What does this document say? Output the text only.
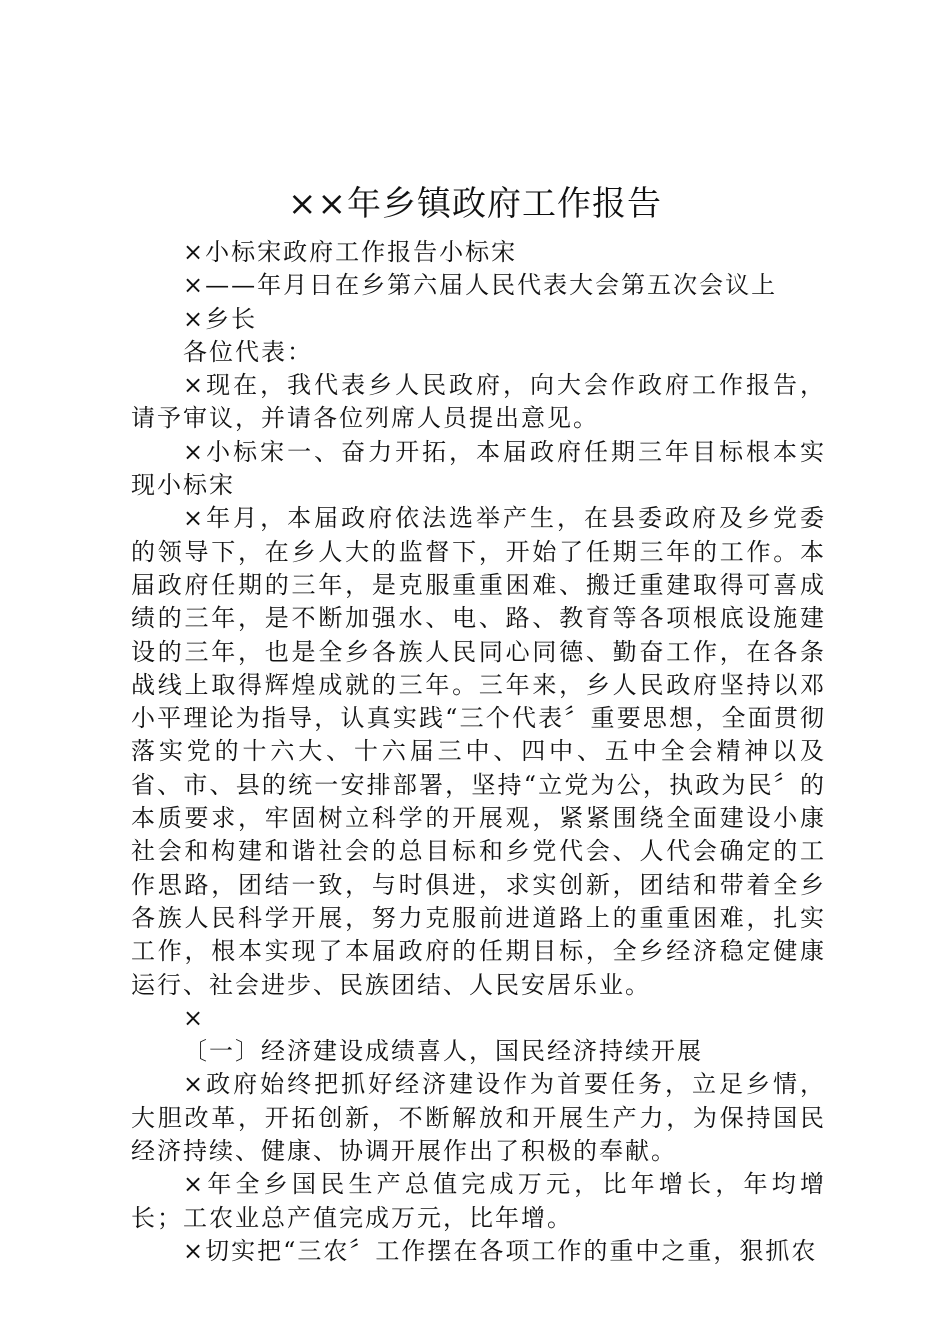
××年乡镇政府工作报告

×小标宋政府工作报告小标宋

×——年月日在乡第六届人民代表大会第五次会议上

×乡长

各位代表：

×现在，我代表乡人民政府，向大会作政府工作报告，请予审议，并请各位列席人员提出意见。

×小标宋一、奋力开拓，本届政府任期三年目标根本实现小标宋

×年月，本届政府依法选举产生，在县委政府及乡党委的领导下，在乡人大的监督下，开始了任期三年的工作。本届政府任期的三年，是克服重重困难、搬迁重建取得可喜成绩的三年，是不断加强水、电、路、教育等各项根底设施建设的三年，也是全乡各族人民同心同德、勤奋工作，在各条战线上取得辉煌成就的三年。三年来，乡人民政府坚持以邓小平理论为指导，认真实践“三个代表〞重要思想，全面贯彻落实党的十六大、十六届三中、四中、五中全会精神以及省、市、县的统一安排部署，坚持“立党为公，执政为民〞的本质要求，牢固树立科学的开展观，紧紧围绕全面建设小康社会和构建和谐社会的总目标和乡党代会、人代会确定的工作思路，团结一致，与时俱进，求实创新，团结和带着全乡各族人民科学开展，努力克服前进道路上的重重困难，扎实工作，根本实现了本届政府的任期目标，全乡经济稳定健康运行、社会进步、民族团结、人民安居乐业。

×

〔一〕经济建设成绩喜人，国民经济持续开展

×政府始终把抓好经济建设作为首要任务，立足乡情，大胆改革，开拓创新，不断解放和开展生产力，为保持国民经济持续、健康、协调开展作出了积极的奉献。

×年全乡国民生产总值完成万元，比年增长，年均增长；工农业总产值完成万元，比年增。

×切实把“三农〞工作摆在各项工作的重中之重，狠抓农
